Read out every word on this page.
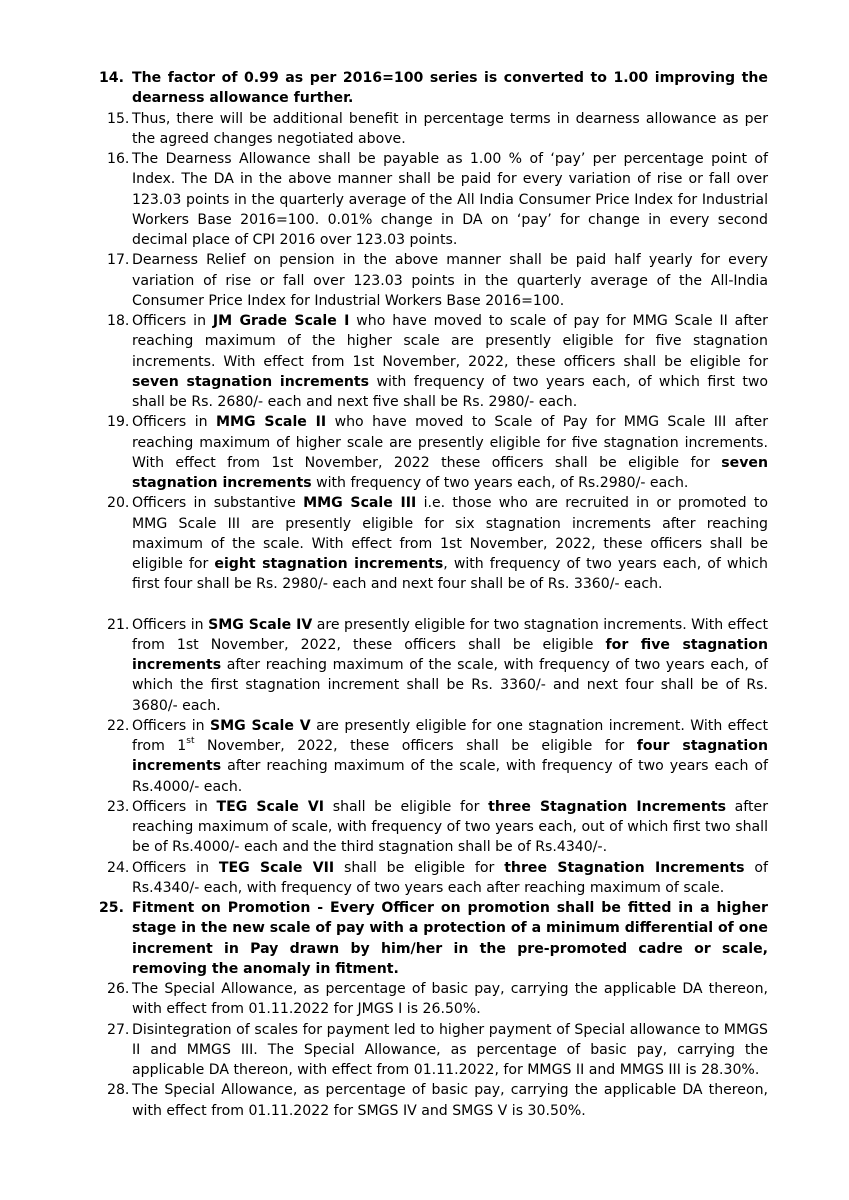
14. The factor of 0.99 as per 2016=100 series is converted to 1.00 improving the dearness allowance further.
15. Thus, there will be additional benefit in percentage terms in dearness allowance as per the agreed changes negotiated above.
16. The Dearness Allowance shall be payable as 1.00 % of ‘pay’ per percentage point of Index. The DA in the above manner shall be paid for every variation of rise or fall over 123.03 points in the quarterly average of the All India Consumer Price Index for Industrial Workers Base 2016=100. 0.01% change in DA on ‘pay’ for change in every second decimal place of CPI 2016 over 123.03 points.
17. Dearness Relief on pension in the above manner shall be paid half yearly for every variation of rise or fall over 123.03 points in the quarterly average of the All-India Consumer Price Index for Industrial Workers Base 2016=100.
18. Officers in JM Grade Scale I who have moved to scale of pay for MMG Scale II after reaching maximum of the higher scale are presently eligible for five stagnation increments. With effect from 1st November, 2022, these officers shall be eligible for seven stagnation increments with frequency of two years each, of which first two shall be Rs. 2680/- each and next five shall be Rs. 2980/- each.
19. Officers in MMG Scale II who have moved to Scale of Pay for MMG Scale III after reaching maximum of higher scale are presently eligible for five stagnation increments. With effect from 1st November, 2022 these officers shall be eligible for seven stagnation increments with frequency of two years each, of Rs.2980/- each.
20. Officers in substantive MMG Scale III i.e. those who are recruited in or promoted to MMG Scale III are presently eligible for six stagnation increments after reaching maximum of the scale. With effect from 1st November, 2022, these officers shall be eligible for eight stagnation increments, with frequency of two years each, of which first four shall be Rs. 2980/- each and next four shall be of Rs. 3360/- each.
21. Officers in SMG Scale IV are presently eligible for two stagnation increments. With effect from 1st November, 2022, these officers shall be eligible for five stagnation increments after reaching maximum of the scale, with frequency of two years each, of which the first stagnation increment shall be Rs. 3360/- and next four shall be of Rs. 3680/- each.
22. Officers in SMG Scale V are presently eligible for one stagnation increment. With effect from 1st November, 2022, these officers shall be eligible for four stagnation increments after reaching maximum of the scale, with frequency of two years each of Rs.4000/- each.
23. Officers in TEG Scale VI shall be eligible for three Stagnation Increments after reaching maximum of scale, with frequency of two years each, out of which first two shall be of Rs.4000/- each and the third stagnation shall be of Rs.4340/-.
24. Officers in TEG Scale VII shall be eligible for three Stagnation Increments of Rs.4340/- each, with frequency of two years each after reaching maximum of scale.
25. Fitment on Promotion - Every Officer on promotion shall be fitted in a higher stage in the new scale of pay with a protection of a minimum differential of one increment in Pay drawn by him/her in the pre-promoted cadre or scale, removing the anomaly in fitment.
26. The Special Allowance, as percentage of basic pay, carrying the applicable DA thereon, with effect from 01.11.2022 for JMGS I is 26.50%.
27. Disintegration of scales for payment led to higher payment of Special allowance to MMGS II and MMGS III. The Special Allowance, as percentage of basic pay, carrying the applicable DA thereon, with effect from 01.11.2022, for MMGS II and MMGS III is 28.30%.
28. The Special Allowance, as percentage of basic pay, carrying the applicable DA thereon, with effect from 01.11.2022 for SMGS IV and SMGS V is 30.50%.
